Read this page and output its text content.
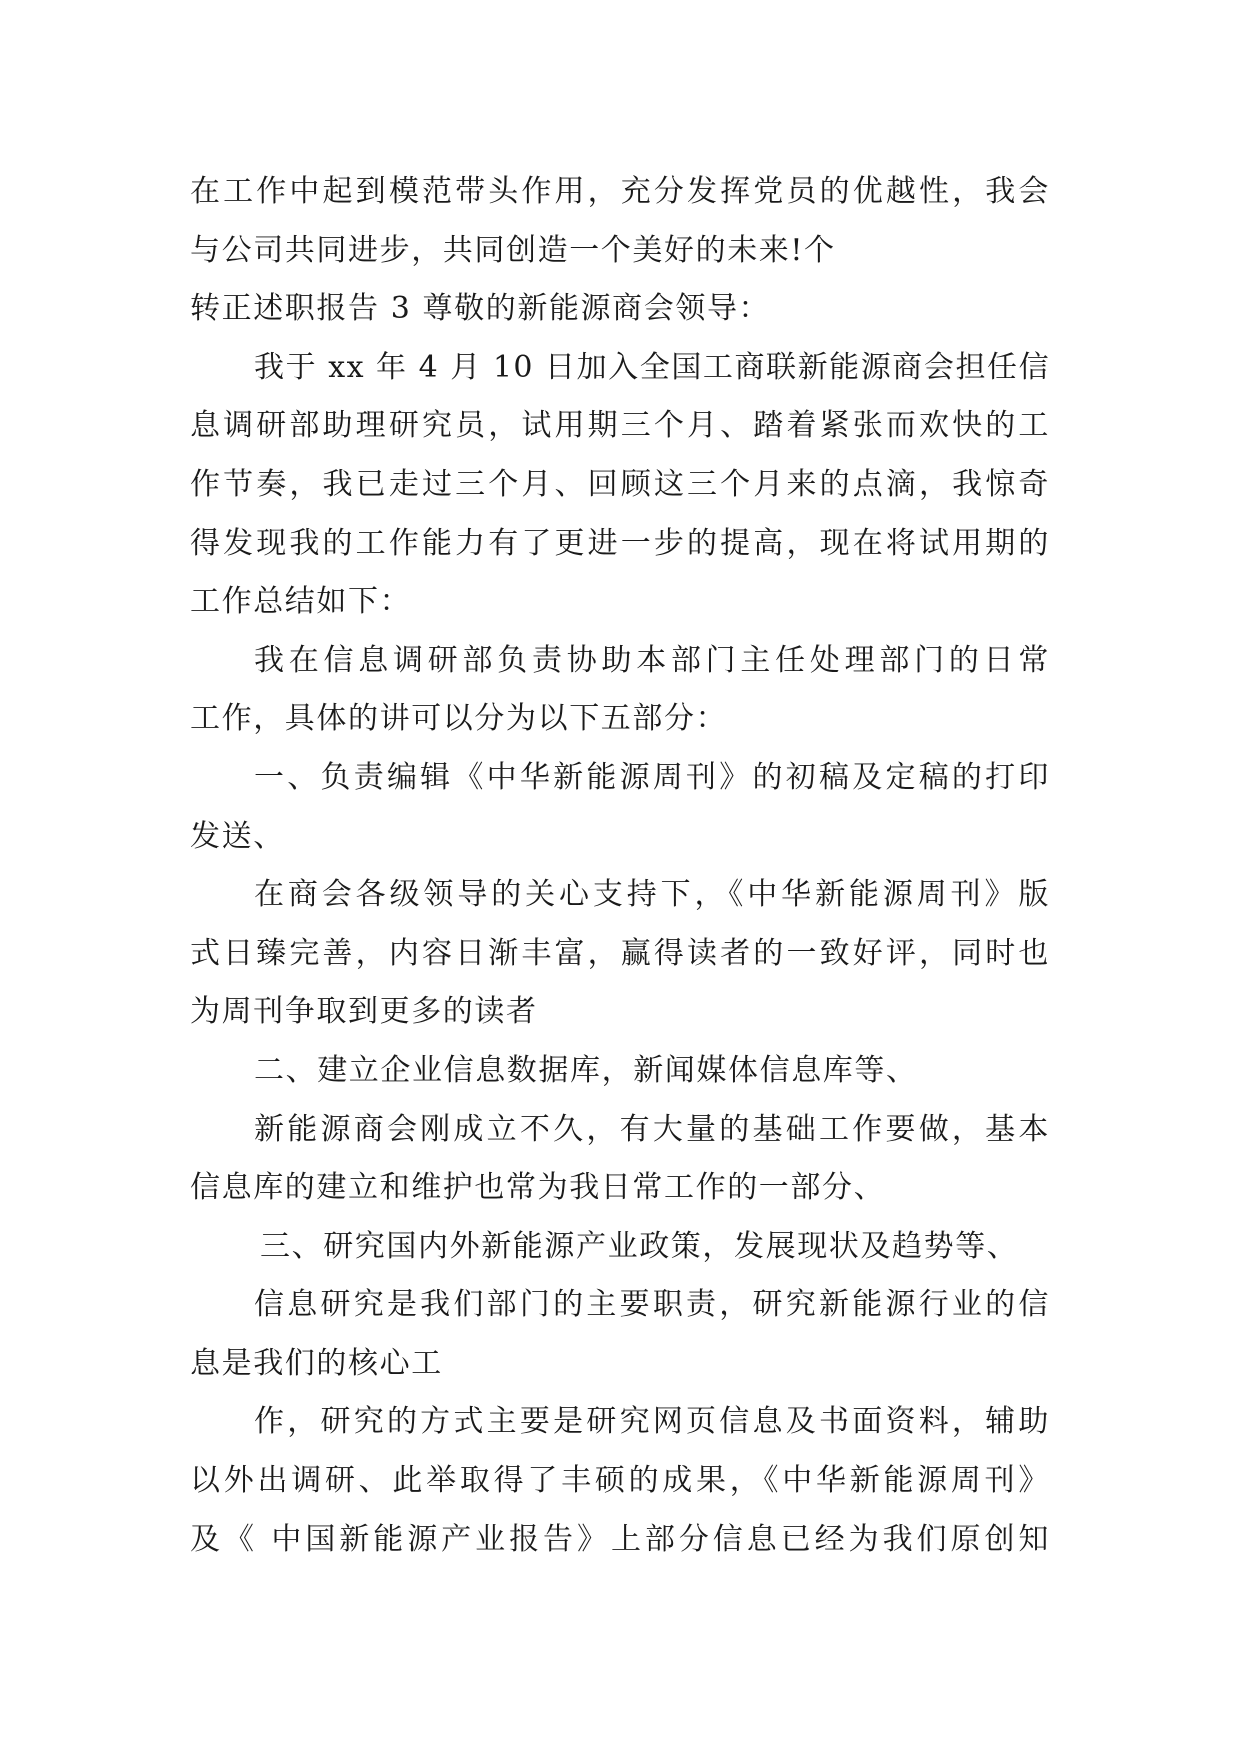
在工作中起到模范带头作用，充分发挥党员的优越性，我会
与公司共同进步，共同创造一个美好的未来!个
转正述职报告 3 尊敬的新能源商会领导：
我于 xx 年 4 月 10 日加入全国工商联新能源商会担任信
息调研部助理研究员，试用期三个月、踏着紧张而欢快的工
作节奏，我已走过三个月、回顾这三个月来的点滴，我惊奇
得发现我的工作能力有了更进一步的提高，现在将试用期的
工作总结如下：
我在信息调研部负责协助本部门主任处理部门的日常
工作，具体的讲可以分为以下五部分：
一、负责编辑《中华新能源周刊》的初稿及定稿的打印
发送、
在商会各级领导的关心支持下，《中华新能源周刊》版
式日臻完善，内容日渐丰富，赢得读者的一致好评，同时也
为周刊争取到更多的读者
二、建立企业信息数据库，新闻媒体信息库等、
新能源商会刚成立不久，有大量的基础工作要做，基本
信息库的建立和维护也常为我日常工作的一部分、
三、研究国内外新能源产业政策，发展现状及趋势等、
信息研究是我们部门的主要职责，研究新能源行业的信
息是我们的核心工
作，研究的方式主要是研究网页信息及书面资料，辅助
以外出调研、此举取得了丰硕的成果，《中华新能源周刊》
及《 中国新能源产业报告》上部分信息已经为我们原创知
